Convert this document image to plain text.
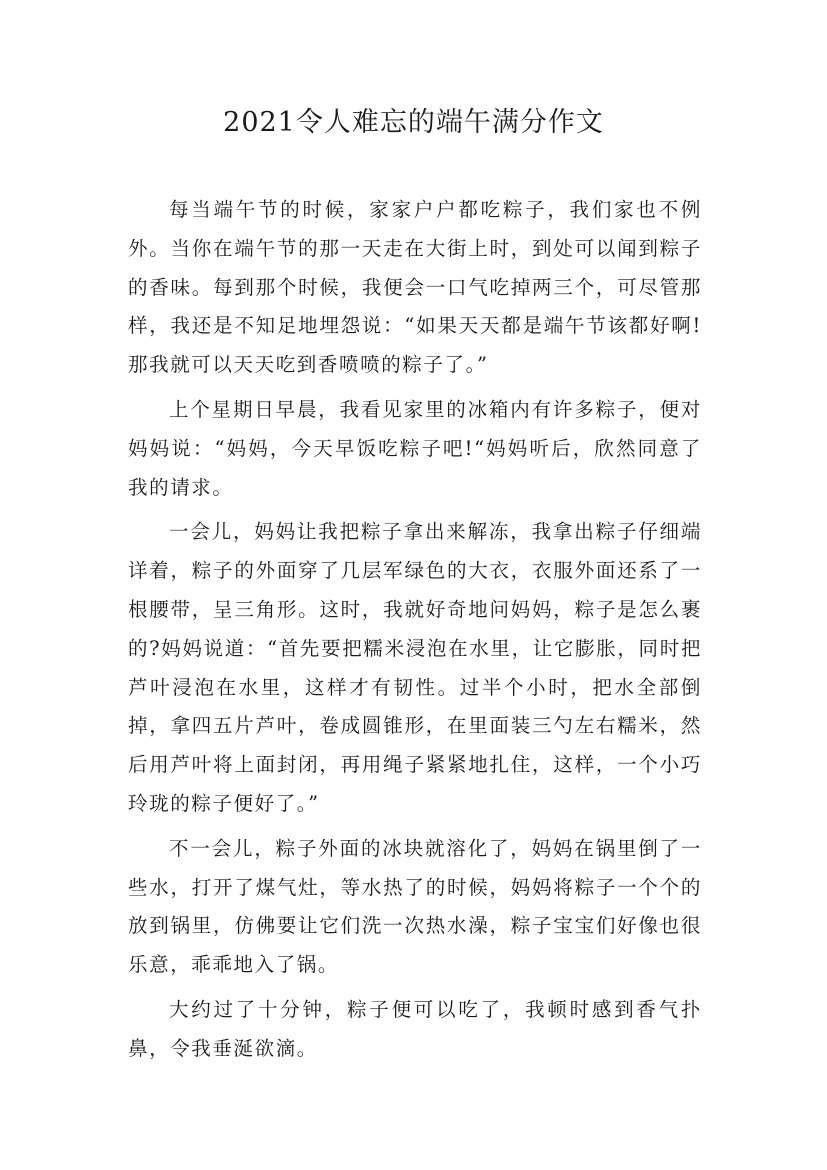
2021令人难忘的端午满分作文

每当端午节的时候，家家户户都吃粽子，我们家也不例外。当你在端午节的那一天走在大街上时，到处可以闻到粽子的香味。每到那个时候，我便会一口气吃掉两三个，可尽管那样，我还是不知足地埋怨说：“如果天天都是端午节该都好啊!那我就可以天天吃到香喷喷的粽子了。”

上个星期日早晨，我看见家里的冰箱内有许多粽子，便对妈妈说：“妈妈，今天早饭吃粽子吧!“妈妈听后，欣然同意了我的请求。

一会儿，妈妈让我把粽子拿出来解冻，我拿出粽子仔细端详着，粽子的外面穿了几层军绿色的大衣，衣服外面还系了一根腰带，呈三角形。这时，我就好奇地问妈妈，粽子是怎么裹的?妈妈说道：“首先要把糯米浸泡在水里，让它膨胀，同时把芦叶浸泡在水里，这样才有韧性。过半个小时，把水全部倒掉，拿四五片芦叶，卷成圆锥形，在里面装三勺左右糯米，然后用芦叶将上面封闭，再用绳子紧紧地扎住，这样，一个小巧玲珑的粽子便好了。”

不一会儿，粽子外面的冰块就溶化了，妈妈在锅里倒了一些水，打开了煤气灶，等水热了的时候，妈妈将粽子一个个的放到锅里，仿佛要让它们洗一次热水澡，粽子宝宝们好像也很乐意，乖乖地入了锅。

大约过了十分钟，粽子便可以吃了，我顿时感到香气扑鼻，令我垂涎欲滴。
